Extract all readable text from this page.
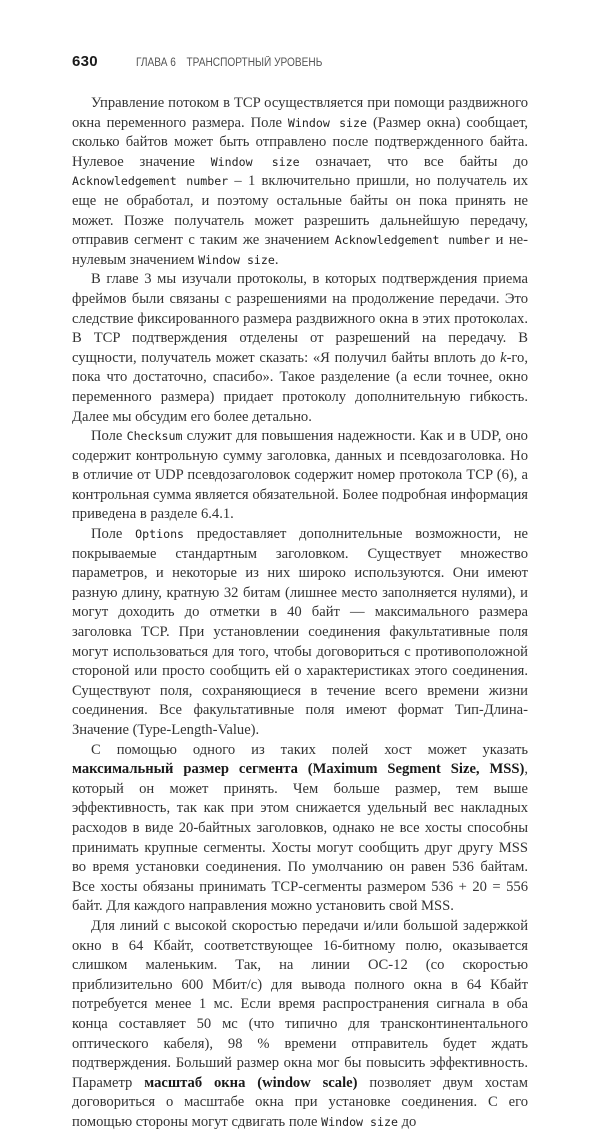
630	ГЛАВА 6 ТРАНСПОРТНЫЙ УРОВЕНЬ

Управление потоком в TCP осуществляется при помощи раздвижного окна переменного размера. Поле Window size (Размер окна) сообщает, сколько байтов может быть отправлено после подтвержденного байта. Нулевое значение Window size означает, что все байты до Acknowledgement number – 1 включительно пришли, но получатель их еще не обработал, и поэтому остальные байты он пока принять не может. Позже получатель может разрешить дальнейшую передачу, отправив сегмент с таким же значением Acknowledgement number и ненулевым значением Window size.

В главе 3 мы изучали протоколы, в которых подтверждения приема фреймов были связаны с разрешениями на продолжение передачи. Это следствие фиксированного размера раздвижного окна в этих протоколах. В TCP подтверждения отделены от разрешений на передачу. В сущности, получатель может сказать: «Я получил байты вплоть до k-го, пока что достаточно, спасибо». Такое разделение (а если точнее, окно переменного размера) придает протоколу дополнительную гибкость. Далее мы обсудим его более детально.

Поле Checksum служит для повышения надежности. Как и в UDP, оно содержит контрольную сумму заголовка, данных и псевдозаголовка. Но в отличие от UDP псевдозаголовок содержит номер протокола TCP (6), а контрольная сумма является обязательной. Более подробная информация приведена в разделе 6.4.1.

Поле Options предоставляет дополнительные возможности, не покрываемые стандартным заголовком. Существует множество параметров, и некоторые из них широко используются. Они имеют разную длину, кратную 32 битам (лишнее место заполняется нулями), и могут доходить до отметки в 40 байт — максимального размера заголовка TCP. При установлении соединения факультативные поля могут использоваться для того, чтобы договориться с противоположной стороной или просто сообщить ей о характеристиках этого соединения. Существуют поля, сохраняющиеся в течение всего времени жизни соединения. Все факультативные поля имеют формат Тип-Длина-Значение (Type-Length-Value).

С помощью одного из таких полей хост может указать максимальный размер сегмента (Maximum Segment Size, MSS), который он может принять. Чем больше размер, тем выше эффективность, так как при этом снижается удельный вес накладных расходов в виде 20-байтных заголовков, однако не все хосты способны принимать крупные сегменты. Хосты могут сообщить друг другу MSS во время установки соединения. По умолчанию он равен 536 байтам. Все хосты обязаны принимать TCP-сегменты размером 536 + 20 = 556 байт. Для каждого направления можно установить свой MSS.

Для линий с высокой скоростью передачи и/или большой задержкой окно в 64 Кбайт, соответствующее 16-битному полю, оказывается слишком маленьким. Так, на линии OC-12 (со скоростью приблизительно 600 Мбит/с) для вывода полного окна в 64 Кбайт потребуется менее 1 мс. Если время распространения сигнала в оба конца составляет 50 мс (что типично для трансконтинентального оптического кабеля), 98 % времени отправитель будет ждать подтверждения. Больший размер окна мог бы повысить эффективность. Параметр масштаб окна (window scale) позволяет двум хостам договориться о масштабе окна при установке соединения. С его помощью стороны могут сдвигать поле Window size до
